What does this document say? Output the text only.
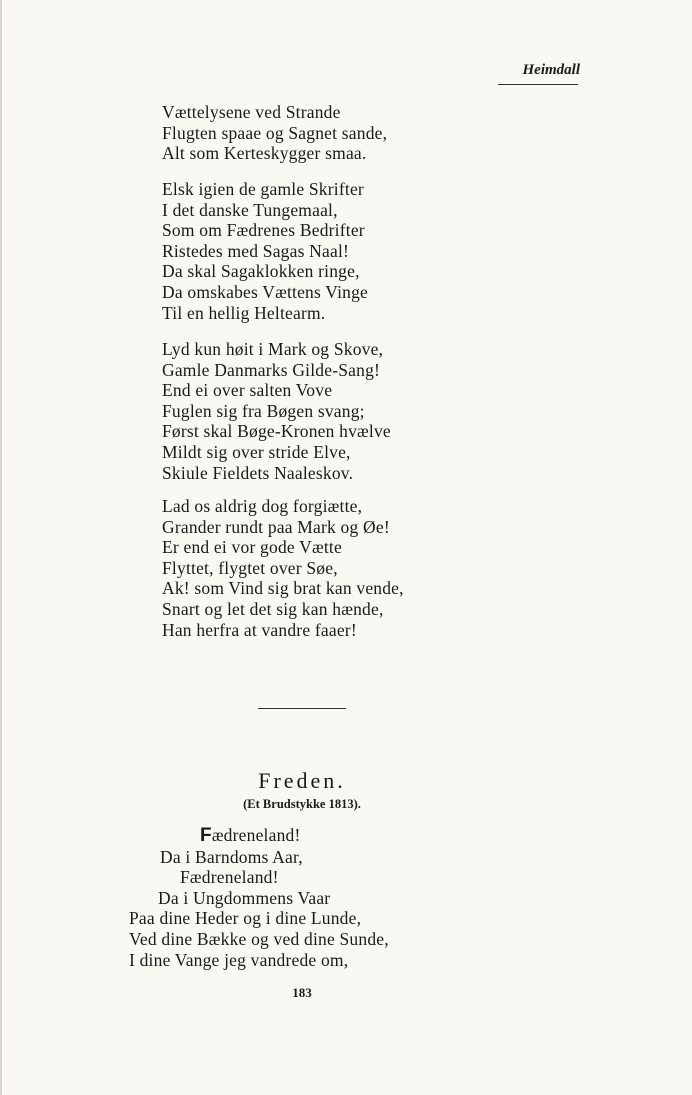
Heimdall
Vættelysene ved Strande
Flugten spaae og Sagnet sande,
Alt som Kerteskygger smaa.
Elsk igien de gamle Skrifter
I det danske Tungemaal,
Som om Fædrenes Bedrifter
Ristedes med Sagas Naal!
Da skal Sagaklokken ringe,
Da omskabes Vættens Vinge
Til en hellig Heltearm.
Lyd kun høit i Mark og Skove,
Gamle Danmarks Gilde-Sang!
End ei over salten Vove
Fuglen sig fra Bøgen svang;
Først skal Bøge-Kronen hvælve
Mildt sig over stride Elve,
Skiule Fieldets Naaleskov.
Lad os aldrig dog forgiætte,
Grander rundt paa Mark og Øe!
Er end ei vor gode Vætte
Flyttet, flygtet over Søe,
Ak! som Vind sig brat kan vende,
Snart og let det sig kan hænde,
Han herfra at vandre faaer!
Freden.
(Et Brudstykke 1813).
Fædreneland!
Da i Barndoms Aar,
Fædreneland!
Da i Ungdommens Vaar
Paa dine Heder og i dine Lunde,
Ved dine Bække og ved dine Sunde,
I dine Vange jeg vandrede om,
183
